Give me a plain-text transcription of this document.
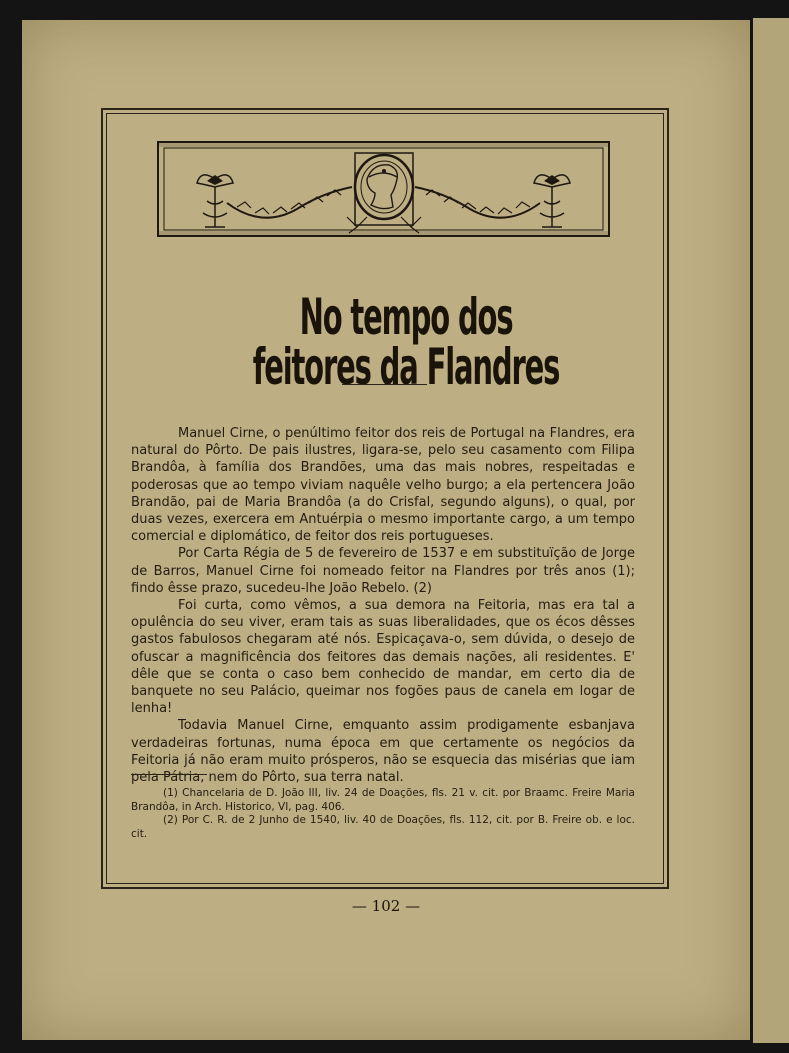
No tempo dos feitores da Flandres

Manuel Cirne, o penúltimo feitor dos reis de Portugal na Flandres, era natural do Pôrto. De pais ilustres, ligara-se, pelo seu casamento com Filipa Brandôa, à família dos Brandões, uma das mais nobres, respeitadas e poderosas que ao tempo viviam naquêle velho burgo; a ela pertencera João Brandão, pai de Maria Brandôa (a do Crisfal, segundo alguns), o qual, por duas vezes, exercera em Antuérpia o mesmo importante cargo, a um tempo comercial e diplomático, de feitor dos reis portugueses.

Por Carta Régia de 5 de fevereiro de 1537 e em substituïção de Jorge de Barros, Manuel Cirne foi nomeado feitor na Flandres por três anos (1); findo êsse prazo, sucedeu-lhe João Rebelo. (2)

Foi curta, como vêmos, a sua demora na Feitoria, mas era tal a opulência do seu viver, eram tais as suas liberalidades, que os écos dêsses gastos fabulosos chegaram até nós. Espicaçava-o, sem dúvida, o desejo de ofuscar a magnificência dos feitores das demais nações, ali residentes. E' dêle que se conta o caso bem conhecido de mandar, em certo dia de banquete no seu Palácio, queimar nos fogões paus de canela em logar de lenha!

Todavia Manuel Cirne, emquanto assim prodigamente esbanjava verdadeiras fortunas, numa época em que certamente os negócios da Feitoria já não eram muito prósperos, não se esquecia das misérias que iam pela Pátria, nem do Pôrto, sua terra natal.

(1) Chancelaria de D. João III, liv. 24 de Doações, fls. 21 v. cit. por Braamc. Freire Maria Brandôa, in Arch. Historico, VI, pag. 406.

(2) Por C. R. de 2 Junho de 1540, liv. 40 de Doações, fls. 112, cit. por B. Freire ob. e loc. cit.

— 102 —
